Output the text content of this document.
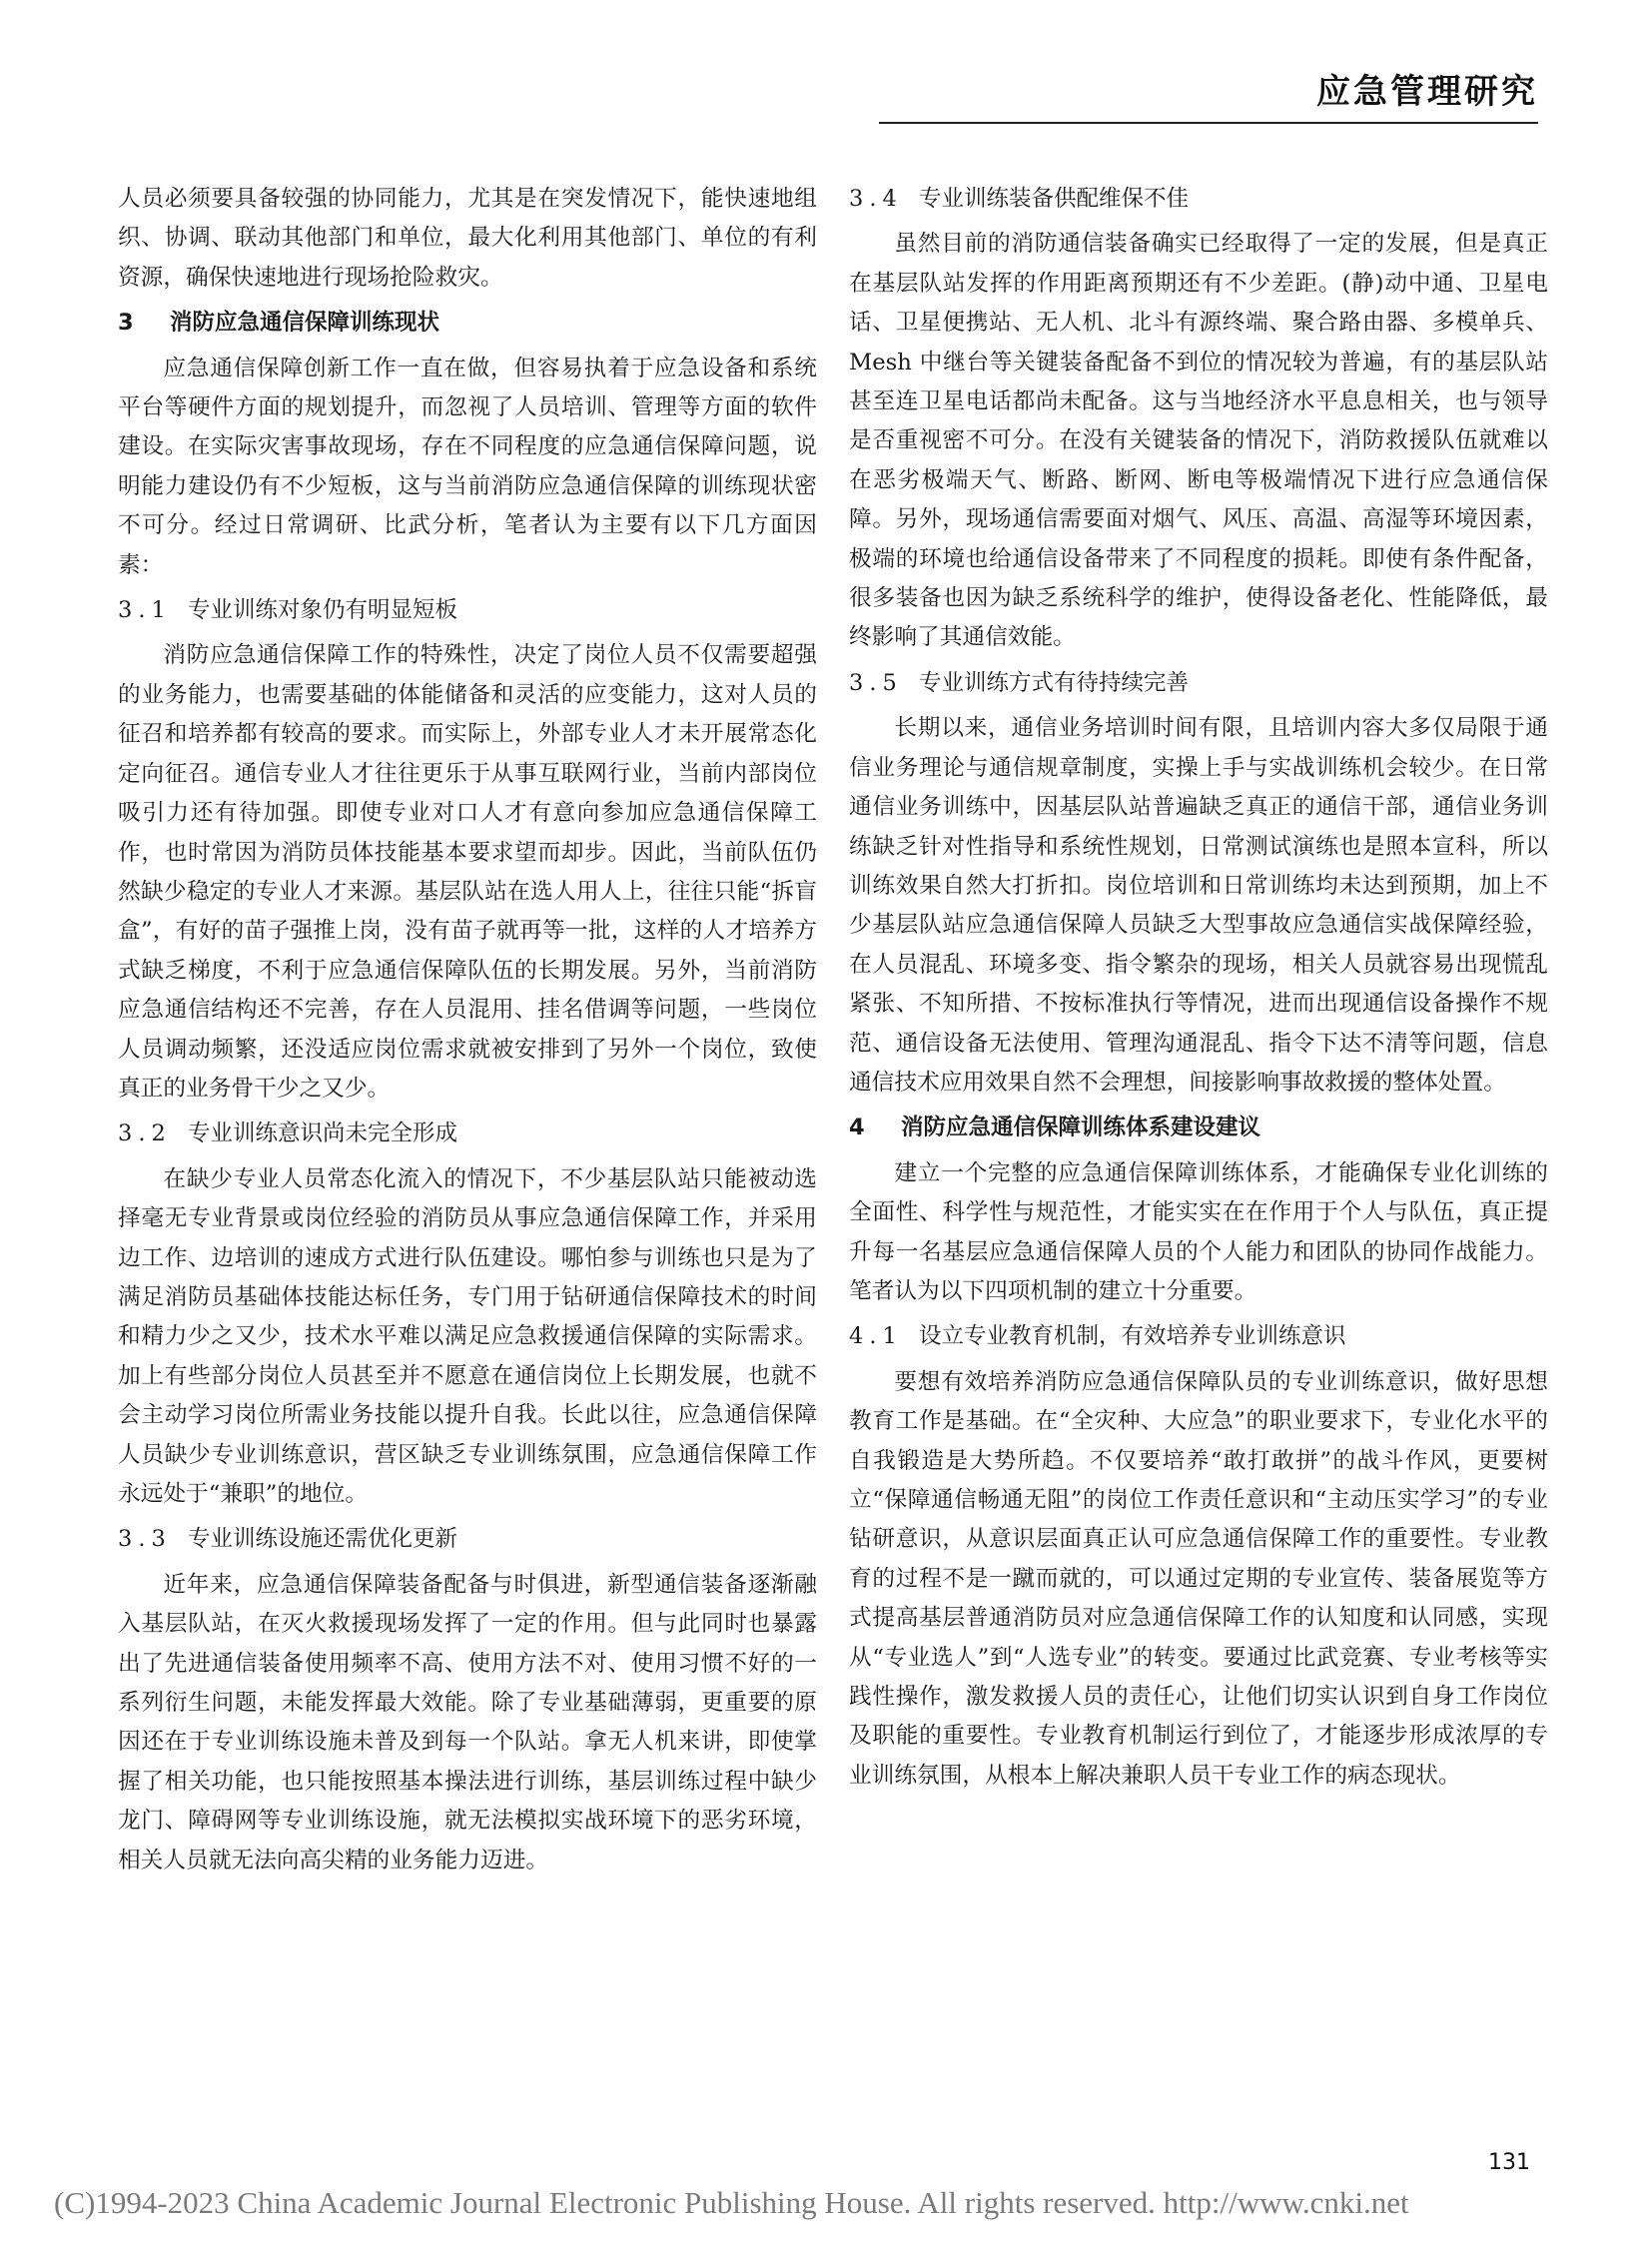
应急管理研究

人员必须要具备较强的协同能力，尤其是在突发情况下，能快速地组织、协调、联动其他部门和单位，最大化利用其他部门、单位的有利资源，确保快速地进行现场抢险救灾。

3 消防应急通信保障训练现状

应急通信保障创新工作一直在做，但容易执着于应急设备和系统平台等硬件方面的规划提升，而忽视了人员培训、管理等方面的软件建设。在实际灾害事故现场，存在不同程度的应急通信保障问题，说明能力建设仍有不少短板，这与当前消防应急通信保障的训练现状密不可分。经过日常调研、比武分析，笔者认为主要有以下几方面因素：

3.1 专业训练对象仍有明显短板

消防应急通信保障工作的特殊性，决定了岗位人员不仅需要超强的业务能力，也需要基础的体能储备和灵活的应变能力，这对人员的征召和培养都有较高的要求。而实际上，外部专业人才未开展常态化定向征召。通信专业人才往往更乐于从事互联网行业，当前内部岗位吸引力还有待加强。即使专业对口人才有意向参加应急通信保障工作，也时常因为消防员体技能基本要求望而却步。因此，当前队伍仍然缺少稳定的专业人才来源。基层队站在选人用人上，往往只能“拆盲盒”，有好的苗子强推上岗，没有苗子就再等一批，这样的人才培养方式缺乏梯度，不利于应急通信保障队伍的长期发展。另外，当前消防应急通信结构还不完善，存在人员混用、挂名借调等问题，一些岗位人员调动频繁，还没适应岗位需求就被安排到了另外一个岗位，致使真正的业务骨干少之又少。

3.2 专业训练意识尚未完全形成

在缺少专业人员常态化流入的情况下，不少基层队站只能被动选择毫无专业背景或岗位经验的消防员从事应急通信保障工作，并采用边工作、边培训的速成方式进行队伍建设。哪怕参与训练也只是为了满足消防员基础体技能达标任务，专门用于钻研通信保障技术的时间和精力少之又少，技术水平难以满足应急救援通信保障的实际需求。加上有些部分岗位人员甚至并不愿意在通信岗位上长期发展，也就不会主动学习岗位所需业务技能以提升自我。长此以往，应急通信保障人员缺少专业训练意识，营区缺乏专业训练氛围，应急通信保障工作永远处于“兼职”的地位。

3.3 专业训练设施还需优化更新

近年来，应急通信保障装备配备与时俱进，新型通信装备逐渐融入基层队站，在灭火救援现场发挥了一定的作用。但与此同时也暴露出了先进通信装备使用频率不高、使用方法不对、使用习惯不好的一系列衍生问题，未能发挥最大效能。除了专业基础薄弱，更重要的原因还在于专业训练设施未普及到每一个队站。拿无人机来讲，即使掌握了相关功能，也只能按照基本操法进行训练，基层训练过程中缺少龙门、障碍网等专业训练设施，就无法模拟实战环境下的恶劣环境，相关人员就无法向高尖精的业务能力迈进。

3.4 专业训练装备供配维保不佳

虽然目前的消防通信装备确实已经取得了一定的发展，但是真正在基层队站发挥的作用距离预期还有不少差距。(静)动中通、卫星电话、卫星便携站、无人机、北斗有源终端、聚合路由器、多模单兵、Mesh 中继台等关键装备配备不到位的情况较为普遍，有的基层队站甚至连卫星电话都尚未配备。这与当地经济水平息息相关，也与领导是否重视密不可分。在没有关键装备的情况下，消防救援队伍就难以在恶劣极端天气、断路、断网、断电等极端情况下进行应急通信保障。另外，现场通信需要面对烟气、风压、高温、高湿等环境因素，极端的环境也给通信设备带来了不同程度的损耗。即使有条件配备，很多装备也因为缺乏系统科学的维护，使得设备老化、性能降低，最终影响了其通信效能。

3.5 专业训练方式有待持续完善

长期以来，通信业务培训时间有限，且培训内容大多仅局限于通信业务理论与通信规章制度，实操上手与实战训练机会较少。在日常通信业务训练中，因基层队站普遍缺乏真正的通信干部，通信业务训练缺乏针对性指导和系统性规划，日常测试演练也是照本宣科，所以训练效果自然大打折扣。岗位培训和日常训练均未达到预期，加上不少基层队站应急通信保障人员缺乏大型事故应急通信实战保障经验，在人员混乱、环境多变、指令繁杂的现场，相关人员就容易出现慌乱紧张、不知所措、不按标准执行等情况，进而出现通信设备操作不规范、通信设备无法使用、管理沟通混乱、指令下达不清等问题，信息通信技术应用效果自然不会理想，间接影响事故救援的整体处置。

4 消防应急通信保障训练体系建设建议

建立一个完整的应急通信保障训练体系，才能确保专业化训练的全面性、科学性与规范性，才能实实在在作用于个人与队伍，真正提升每一名基层应急通信保障人员的个人能力和团队的协同作战能力。笔者认为以下四项机制的建立十分重要。

4.1 设立专业教育机制，有效培养专业训练意识

要想有效培养消防应急通信保障队员的专业训练意识，做好思想教育工作是基础。在“全灾种、大应急”的职业要求下，专业化水平的自我锻造是大势所趋。不仅要培养“敢打敢拼”的战斗作风，更要树立“保障通信畅通无阻”的岗位工作责任意识和“主动压实学习”的专业钻研意识，从意识层面真正认可应急通信保障工作的重要性。专业教育的过程不是一蹴而就的，可以通过定期的专业宣传、装备展览等方式提高基层普通消防员对应急通信保障工作的认知度和认同感，实现从“专业选人”到“人选专业”的转变。要通过比武竞赛、专业考核等实践性操作，激发救援人员的责任心，让他们切实认识到自身工作岗位及职能的重要性。专业教育机制运行到位了，才能逐步形成浓厚的专业训练氛围，从根本上解决兼职人员干专业工作的病态现状。

131
(C)1994-2023 China Academic Journal Electronic Publishing House. All rights reserved. http://www.cnki.net
